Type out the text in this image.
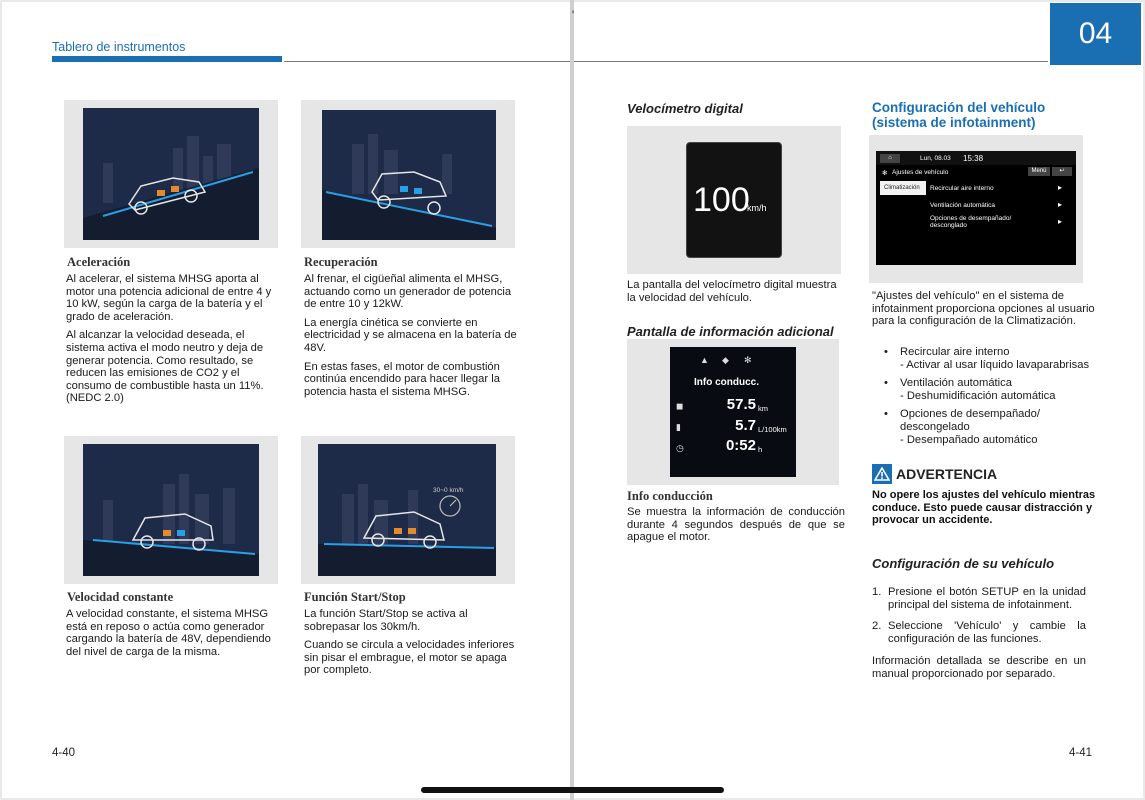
Tablero de instrumentos
Aceleración

Al acelerar, el sistema MHSG aporta al motor una potencia adicional de entre 4 y 10 kW, según la carga de la batería y el grado de aceleración.

Al alcanzar la velocidad deseada, el sistema activa el modo neutro y deja de generar potencia. Como resultado, se reducen las emisiones de CO2 y el consumo de combustible hasta un 11%. (NEDC 2.0)

Recuperación

Al frenar, el cigüeñal alimenta el MHSG, actuando como un generador de potencia de entre 10 y 12kW.

La energía cinética se convierte en electricidad y se almacena en la batería de 48V.

En estas fases, el motor de combustión continúa encendido para hacer llegar la potencia hasta el sistema MHSG.

Velocidad constante

A velocidad constante, el sistema MHSG está en reposo o actúa como generador cargando la batería de 48V, dependiendo del nivel de carga de la misma.

30~0 km/h
Función Start/Stop

La función Start/Stop se activa al sobrepasar los 30km/h.

Cuando se circula a velocidades inferiores sin pisar el embrague, el motor se apaga por completo.

4-40
04
Velocímetro digital
100
km/h
La pantalla del velocímetro digital muestra la velocidad del vehículo.
Pantalla de información adicional
▲ ◆ ✻
Info conducc.
◼	57.5 km
▮	5.7 L/100km
◷	0:52 h
Info conducción
Se muestra la información de conducción durante 4 segundos después de que se apague el motor.
Configuración del vehículo
(sistema de infotainment)
⌂	Lun, 08.03 15:38
✻ Ajustes de vehículo	Menú	↩
Climatización	Recircular aire interno	▸
Ventilación automática	▸
Opciones de desempañado/ desconglado	▸
"Ajustes del vehículo" en el sistema de infotainment proporciona opciones al usuario para la configuración de la Climatización.
• Recircular aire interno
- Activar al usar líquido lavaparabrisas
• Ventilación automática
- Deshumidificación automática
• Opciones de desempañado/
descongelado
- Desempañado automático
ADVERTENCIA
No opere los ajustes del vehículo mientras conduce. Esto puede causar distracción y provocar un accidente.
Configuración de su vehículo
1. Presione el botón SETUP en la unidad principal del sistema de infotainment.
2. Seleccione 'Vehículo' y cambie la configuración de las funciones.
Información detallada se describe en un manual proporcionado por separado.
4-41
